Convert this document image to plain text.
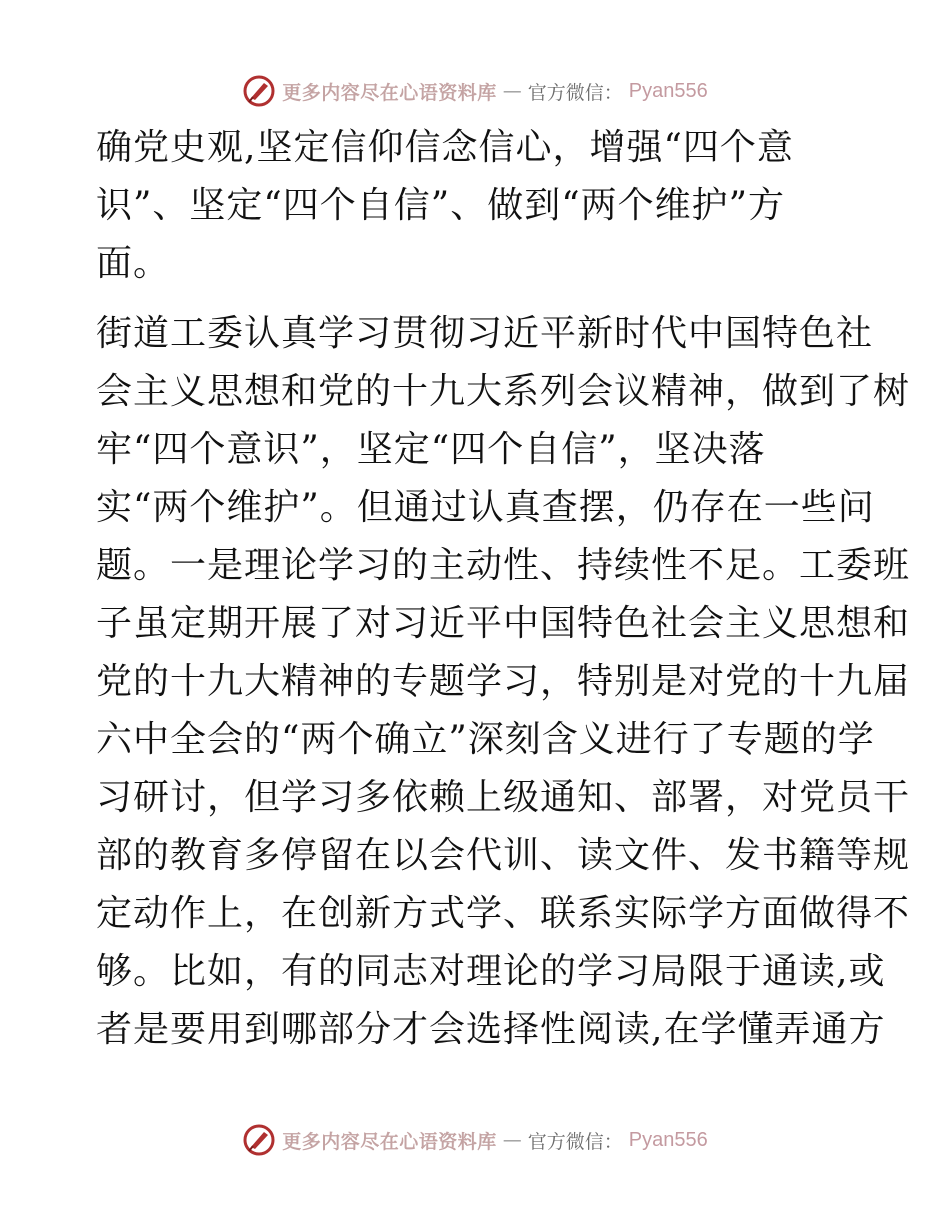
更多内容尽在心语资料库 — 官方微信： Pyan556
确党史观,坚定信仰信念信心，增强“四个意
识”、坚定“四个自信”、做到“两个维护”方
面。
街道工委认真学习贯彻习近平新时代中国特色社
会主义思想和党的十九大系列会议精神，做到了树
牢“四个意识”，坚定“四个自信”，坚决落
实“两个维护”。但通过认真查摆，仍存在一些问
题。一是理论学习的主动性、持续性不足。工委班
子虽定期开展了对习近平中国特色社会主义思想和
党的十九大精神的专题学习，特别是对党的十九届
六中全会的“两个确立”深刻含义进行了专题的学
习研讨，但学习多依赖上级通知、部署，对党员干
部的教育多停留在以会代训、读文件、发书籍等规
定动作上，在创新方式学、联系实际学方面做得不
够。比如，有的同志对理论的学习局限于通读,或
者是要用到哪部分才会选择性阅读,在学懂弄通方
更多内容尽在心语资料库 — 官方微信： Pyan556
